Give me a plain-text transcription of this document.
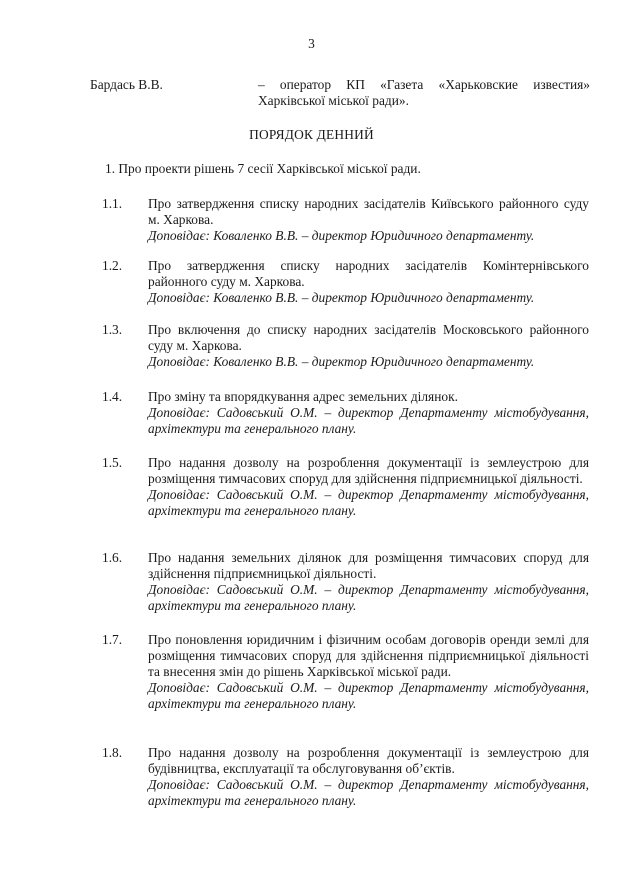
3
Бардась В.В.	– оператор КП «Газета «Харьковские известия» Харківської міської ради».
ПОРЯДОК ДЕННИЙ
1. Про проекти рішень 7 сесії Харківської міської ради.
1.1. Про затвердження списку народних засідателів Київського районного суду м. Харкова.
Доповідає: Коваленко В.В. – директор Юридичного департаменту.
1.2. Про затвердження списку народних засідателів Комінтернівського районного суду м. Харкова.
Доповідає: Коваленко В.В. – директор Юридичного департаменту.
1.3. Про включення до списку народних засідателів Московського районного суду м. Харкова.
Доповідає: Коваленко В.В. – директор Юридичного департаменту.
1.4. Про зміну та впорядкування адрес земельних ділянок.
Доповідає: Садовський О.М. – директор Департаменту містобудування, архітектури та генерального плану.
1.5. Про надання дозволу на розроблення документації із землеустрою для розміщення тимчасових споруд для здійснення підприємницької діяльності.
Доповідає: Садовський О.М. – директор Департаменту містобудування, архітектури та генерального плану.
1.6. Про надання земельних ділянок для розміщення тимчасових споруд для здійснення підприємницької діяльності.
Доповідає: Садовський О.М. – директор Департаменту містобудування, архітектури та генерального плану.
1.7. Про поновлення юридичним і фізичним особам договорів оренди землі для розміщення тимчасових споруд для здійснення підприємницької діяльності та внесення змін до рішень Харківської міської ради.
Доповідає: Садовський О.М. – директор Департаменту містобудування, архітектури та генерального плану.
1.8. Про надання дозволу на розроблення документації із землеустрою для будівництва, експлуатації та обслуговування об’єктів.
Доповідає: Садовський О.М. – директор Департаменту містобудування, архітектури та генерального плану.
